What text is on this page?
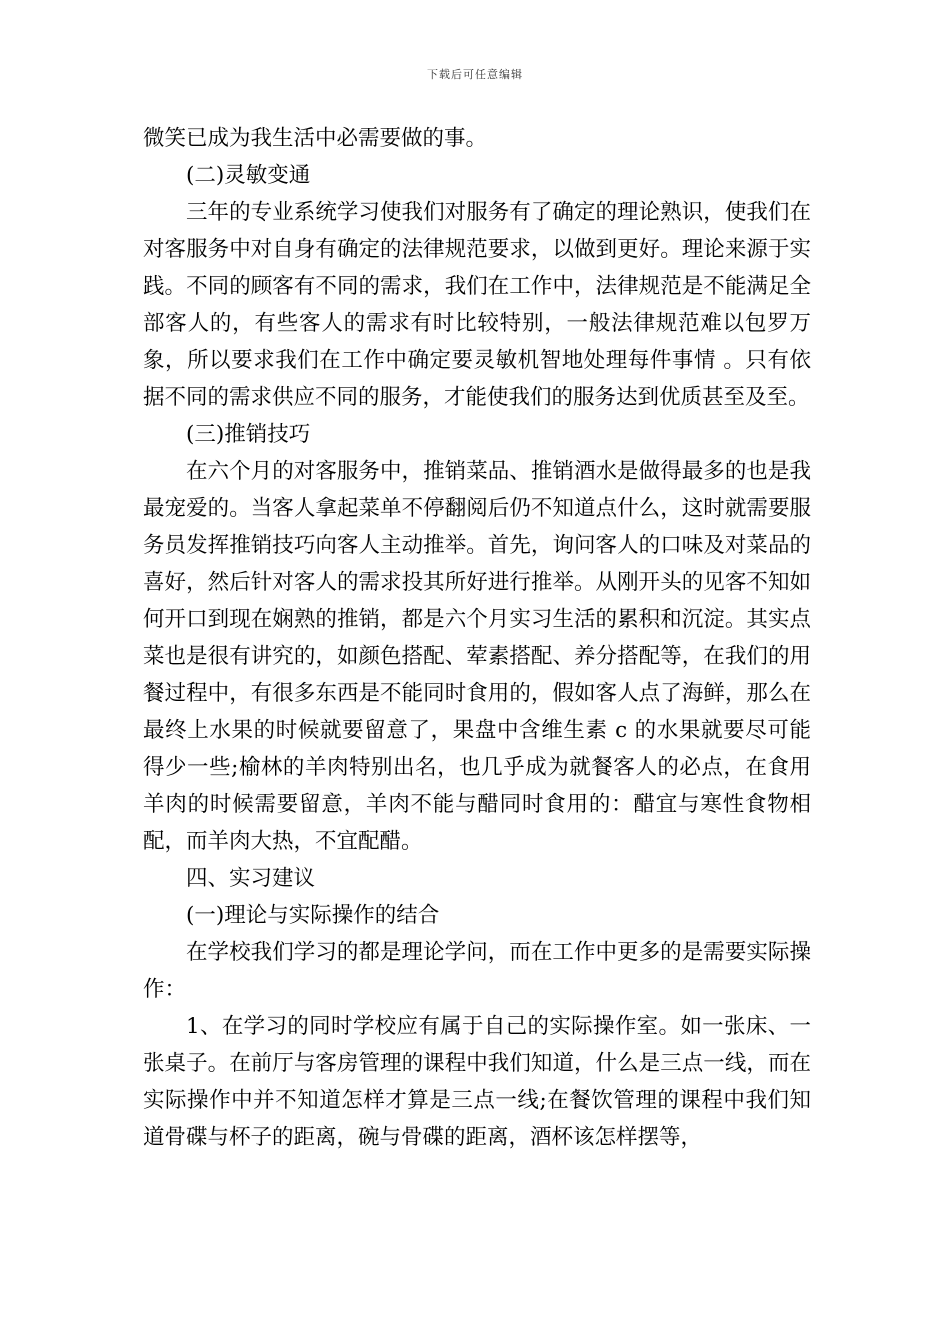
下载后可任意编辑

微笑已成为我生活中必需要做的事。

(二)灵敏变通

三年的专业系统学习使我们对服务有了确定的理论熟识，使我们在对客服务中对自身有确定的法律规范要求，以做到更好。理论来源于实践。不同的顾客有不同的需求，我们在工作中，法律规范是不能满足全部客人的，有些客人的需求有时比较特别，一般法律规范难以包罗万象，所以要求我们在工作中确定要灵敏机智地处理每件事情 。只有依据不同的需求供应不同的服务，才能使我们的服务达到优质甚至及至。

(三)推销技巧

在六个月的对客服务中，推销菜品、推销酒水是做得最多的也是我最宠爱的。当客人拿起菜单不停翻阅后仍不知道点什么，这时就需要服务员发挥推销技巧向客人主动推举。首先，询问客人的口味及对菜品的喜好，然后针对客人的需求投其所好进行推举。从刚开头的见客不知如何开口到现在娴熟的推销，都是六个月实习生活的累积和沉淀。其实点菜也是很有讲究的，如颜色搭配、荤素搭配、养分搭配等，在我们的用餐过程中，有很多东西是不能同时食用的，假如客人点了海鲜，那么在最终上水果的时候就要留意了，果盘中含维生素 c 的水果就要尽可能得少一些;榆林的羊肉特别出名，也几乎成为就餐客人的必点，在食用羊肉的时候需要留意，羊肉不能与醋同时食用的：醋宜与寒性食物相配，而羊肉大热，不宜配醋。

四、实习建议

(一)理论与实际操作的结合

在学校我们学习的都是理论学问，而在工作中更多的是需要实际操作：

1、在学习的同时学校应有属于自己的实际操作室。如一张床、一张桌子。在前厅与客房管理的课程中我们知道，什么是三点一线，而在实际操作中并不知道怎样才算是三点一线;在餐饮管理的课程中我们知道骨碟与杯子的距离，碗与骨碟的距离，酒杯该怎样摆等，
